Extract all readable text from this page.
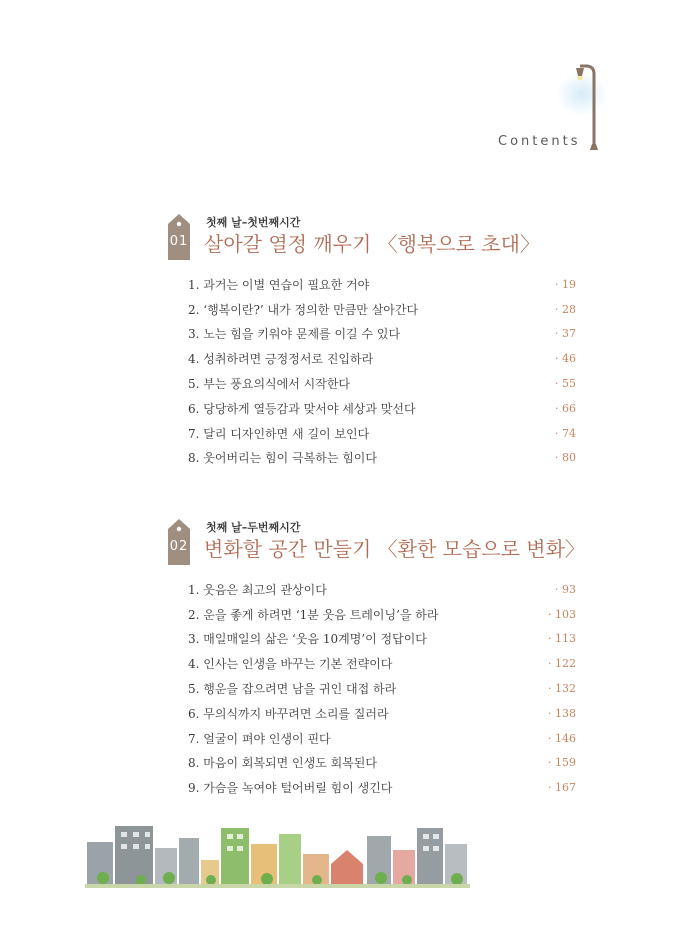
Contents
01
첫째 날–첫번째시간
살아갈 열정 깨우기 〈행복으로 초대〉
1. 과거는 이별 연습이 필요한 거야	· 19
2. ‘행복이란?’ 내가 정의한 만큼만 살아간다	· 28
3. 노는 힘을 키워야 문제를 이길 수 있다	· 37
4. 성취하려면 긍정정서로 진입하라	· 46
5. 부는 풍요의식에서 시작한다	· 55
6. 당당하게 열등감과 맞서야 세상과 맞선다	· 66
7. 달리 디자인하면 새 길이 보인다	· 74
8. 웃어버리는 힘이 극복하는 힘이다	· 80
02
첫째 날–두번째시간
변화할 공간 만들기 〈환한 모습으로 변화〉
1. 웃음은 최고의 관상이다	· 93
2. 운을 좋게 하려면 ‘1분 웃음 트레이닝’을 하라	· 103
3. 매일매일의 삶은 ‘웃음 10계명’이 정답이다	· 113
4. 인사는 인생을 바꾸는 기본 전략이다	· 122
5. 행운을 잡으려면 남을 귀인 대접 하라	· 132
6. 무의식까지 바꾸려면 소리를 질러라	· 138
7. 얼굴이 펴야 인생이 핀다	· 146
8. 마음이 회복되면 인생도 회복된다	· 159
9. 가슴을 녹여야 털어버릴 힘이 생긴다	· 167
